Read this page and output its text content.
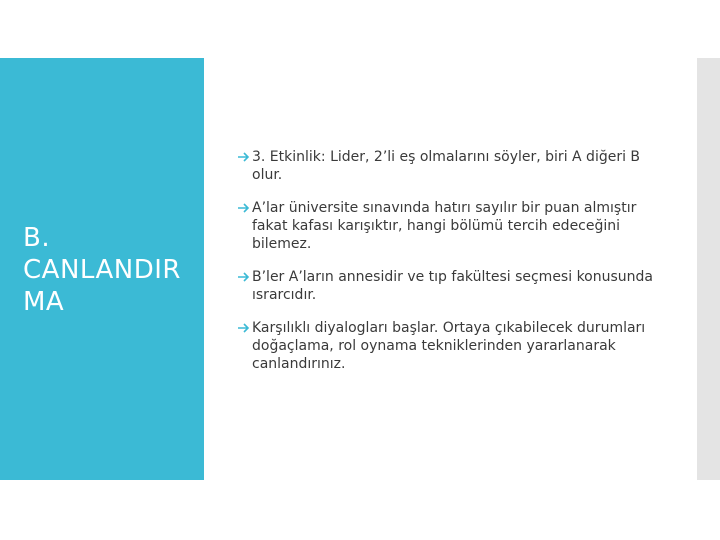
B.
CANLANDIR
MA
3. Etkinlik: Lider, 2’li eş olmalarını söyler, biri A diğeri B olur.
A’lar üniversite sınavında hatırı sayılır bir puan almıştır fakat kafası karışıktır, hangi bölümü tercih edeceğini bilemez.
B’ler A’ların annesidir ve tıp fakültesi seçmesi konusunda ısrarcıdır.
Karşılıklı diyalogları başlar. Ortaya çıkabilecek durumları doğaçlama, rol oynama tekniklerinden yararlanarak canlandırınız.
